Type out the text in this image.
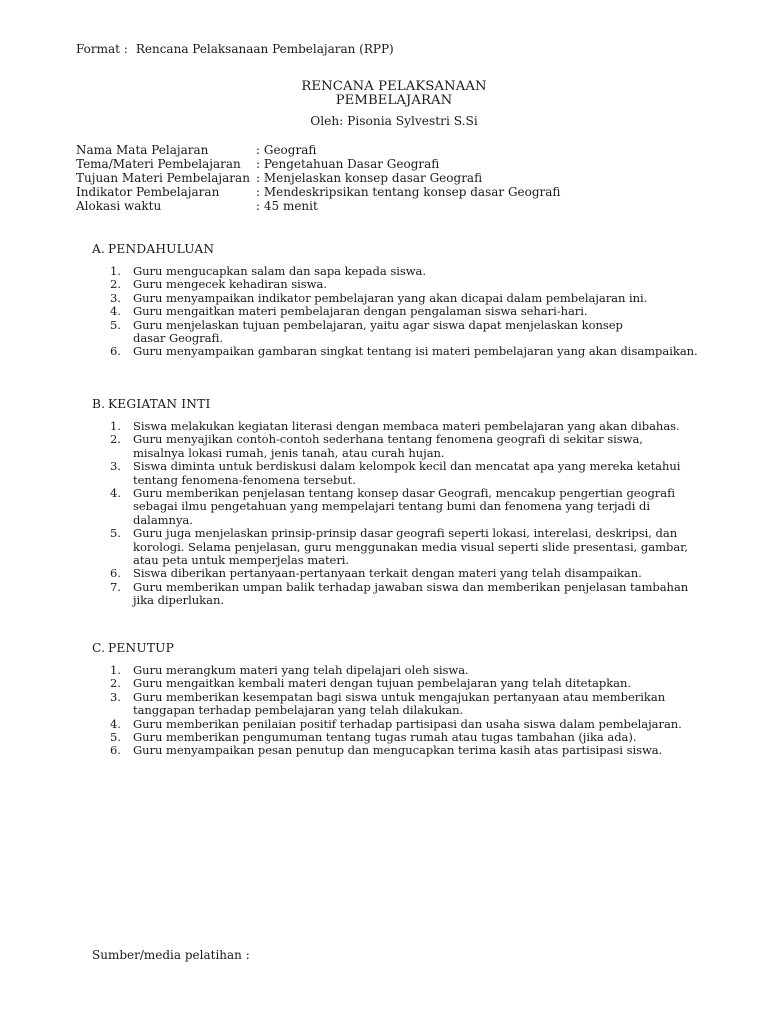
Format : Rencana Pelaksanaan Pembelajaran (RPP)
RENCANA PELAKSANAAN
PEMBELAJARAN
Oleh: Pisonia Sylvestri S.Si
Nama Mata Pelajaran	: Geografi
Tema/Materi Pembelajaran	: Pengetahuan Dasar Geografi
Tujuan Materi Pembelajaran : Menjelaskan konsep dasar Geografi
Indikator Pembelajaran	: Mendeskripsikan tentang konsep dasar Geografi
Alokasi waktu	: 45 menit
A. PENDAHULUAN
1. Guru mengucapkan salam dan sapa kepada siswa.
2. Guru mengecek kehadiran siswa.
3. Guru menyampaikan indikator pembelajaran yang akan dicapai dalam pembelajaran ini.
4. Guru mengaitkan materi pembelajaran dengan pengalaman siswa sehari-hari.
5. Guru menjelaskan tujuan pembelajaran, yaitu agar siswa dapat menjelaskan konsep dasar Geografi.
6. Guru menyampaikan gambaran singkat tentang isi materi pembelajaran yang akan disampaikan.
B. KEGIATAN INTI
1. Siswa melakukan kegiatan literasi dengan membaca materi pembelajaran yang akan dibahas.
2. Guru menyajikan contoh-contoh sederhana tentang fenomena geografi di sekitar siswa, misalnya lokasi rumah, jenis tanah, atau curah hujan.
3. Siswa diminta untuk berdiskusi dalam kelompok kecil dan mencatat apa yang mereka ketahui tentang fenomena-fenomena tersebut.
4. Guru memberikan penjelasan tentang konsep dasar Geografi, mencakup pengertian geografi sebagai ilmu pengetahuan yang mempelajari tentang bumi dan fenomena yang terjadi di dalamnya.
5. Guru juga menjelaskan prinsip-prinsip dasar geografi seperti lokasi, interelasi, deskripsi, dan korologi. Selama penjelasan, guru menggunakan media visual seperti slide presentasi, gambar, atau peta untuk memperjelas materi.
6. Siswa diberikan pertanyaan-pertanyaan terkait dengan materi yang telah disampaikan.
7. Guru memberikan umpan balik terhadap jawaban siswa dan memberikan penjelasan tambahan jika diperlukan.
C. PENUTUP
1. Guru merangkum materi yang telah dipelajari oleh siswa.
2. Guru mengaitkan kembali materi dengan tujuan pembelajaran yang telah ditetapkan.
3. Guru memberikan kesempatan bagi siswa untuk mengajukan pertanyaan atau memberikan tanggapan terhadap pembelajaran yang telah dilakukan.
4. Guru memberikan penilaian positif terhadap partisipasi dan usaha siswa dalam pembelajaran.
5. Guru memberikan pengumuman tentang tugas rumah atau tugas tambahan (jika ada).
6. Guru menyampaikan pesan penutup dan mengucapkan terima kasih atas partisipasi siswa.
Sumber/media pelatihan :
